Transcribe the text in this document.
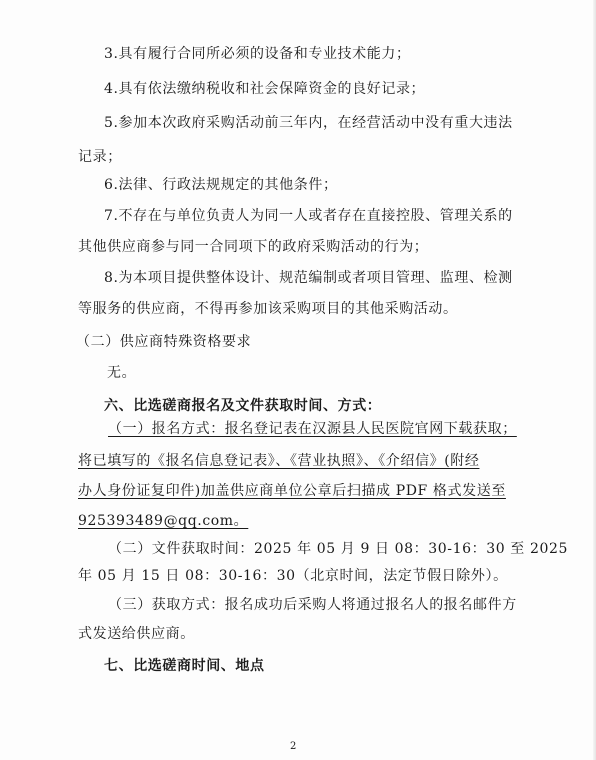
3.具有履行合同所必须的设备和专业技术能力；
4.具有依法缴纳税收和社会保障资金的良好记录；
5.参加本次政府采购活动前三年内，在经营活动中没有重大违法
记录；
6.法律、行政法规规定的其他条件；
7.不存在与单位负责人为同一人或者存在直接控股、管理关系的
其他供应商参与同一合同项下的政府采购活动的行为；
8.为本项目提供整体设计、规范编制或者项目管理、监理、检测
等服务的供应商，不得再参加该采购项目的其他采购活动。
（二）供应商特殊资格要求
无。
六、比选磋商报名及文件获取时间、方式：
（一）报名方式：报名登记表在汉源县人民医院官网下载获取；
将已填写的《报名信息登记表》、《营业执照》、《介绍信》(附经
办人身份证复印件)加盖供应商单位公章后扫描成 PDF 格式发送至
925393489@qq.com。
（二）文件获取时间：2025 年 05 月 9 日 08：30-16：30 至 2025
年 05 月 15 日 08：30-16：30（北京时间，法定节假日除外）。
（三）获取方式：报名成功后采购人将通过报名人的报名邮件方
式发送给供应商。
七、比选磋商时间、地点
2
